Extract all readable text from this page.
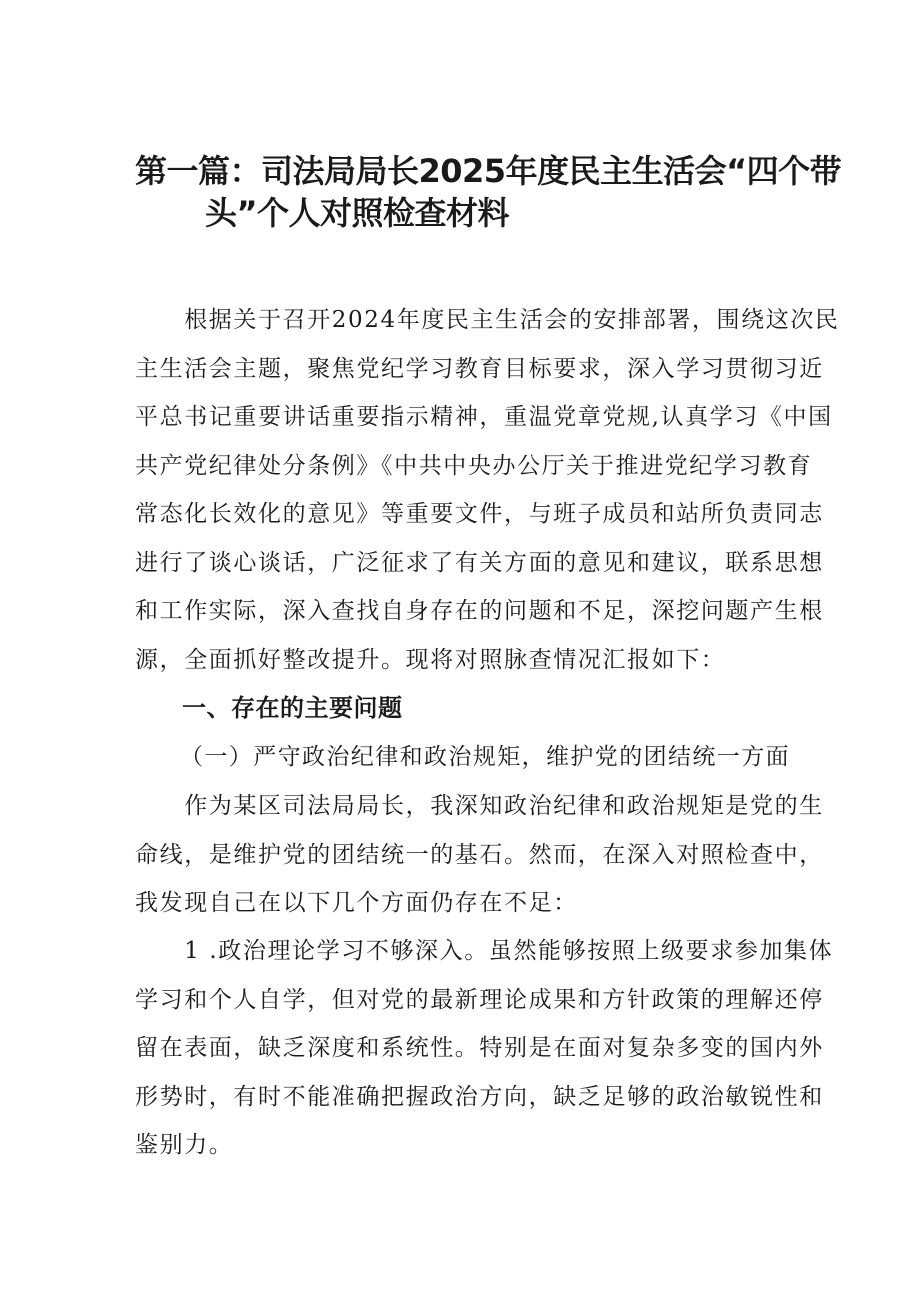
第一篇：司法局局长2025年度民主生活会“四个带
头”个人对照检查材料
　　根据关于召开2024年度民主生活会的安排部署，围绕这次民
主生活会主题，聚焦党纪学习教育目标要求，深入学习贯彻习近
平总书记重要讲话重要指示精神，重温党章党规,认真学习《中国
共产党纪律处分条例》《中共中央办公厅关于推进党纪学习教育
常态化长效化的意见》等重要文件，与班子成员和站所负责同志
进行了谈心谈话，广泛征求了有关方面的意见和建议，联系思想
和工作实际，深入查找自身存在的问题和不足，深挖问题产生根
源，全面抓好整改提升。现将对照脉查情况汇报如下：
一、存在的主要问题
（一）严守政治纪律和政治规矩，维护党的团结统一方面
　　作为某区司法局局长，我深知政治纪律和政治规矩是党的生
命线，是维护党的团结统一的基石。然而，在深入对照检查中，
我发现自己在以下几个方面仍存在不足：
　　1 .政治理论学习不够深入。虽然能够按照上级要求参加集体
学习和个人自学，但对党的最新理论成果和方针政策的理解还停
留在表面，缺乏深度和系统性。特别是在面对复杂多变的国内外
形势时，有时不能准确把握政治方向，缺乏足够的政治敏锐性和
鉴别力。
